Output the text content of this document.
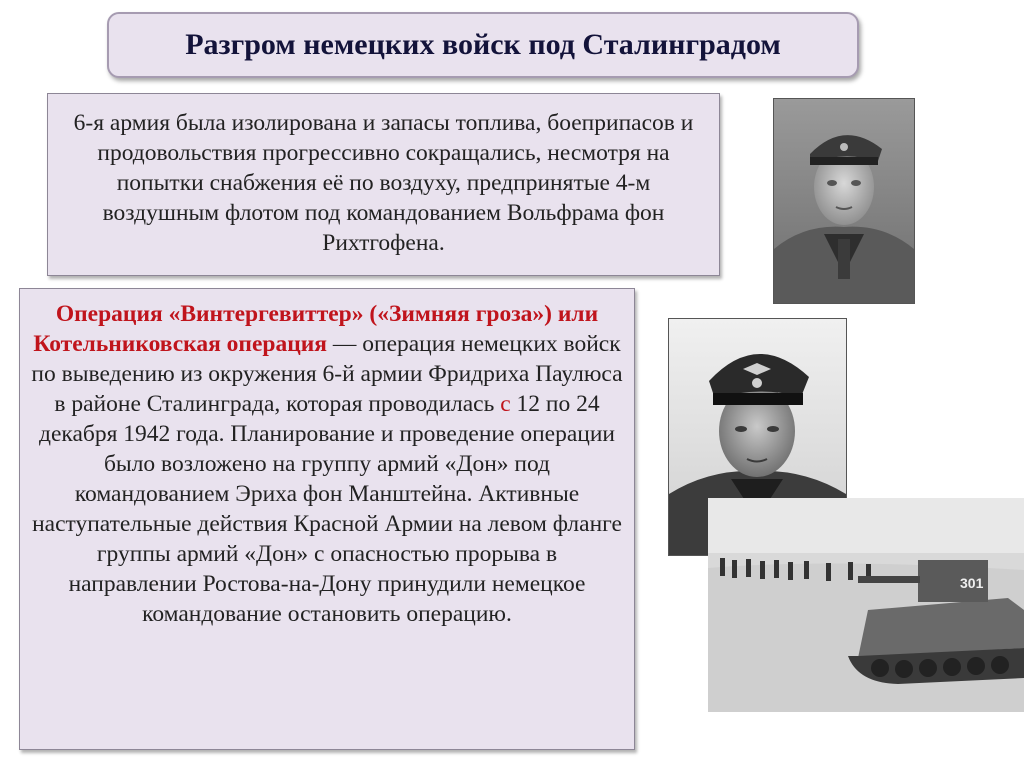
Разгром немецких войск под Сталинградом
6-я армия была изолирована и запасы топлива, боеприпасов и продовольствия прогрессивно сокращались, несмотря на попытки снабжения её по воздуху, предпринятые 4-м воздушным флотом под командованием Вольфрама фон Рихтгофена.
Операция «Винтергевиттер» («Зимняя гроза») или Котельниковская операция — операция немецких войск по выведению из окружения 6-й армии Фридриха Паулюса в районе Сталинграда, которая проводилась с 12 по 24 декабря 1942 года. Планирование и проведение операции было возложено на группу армий «Дон» под командованием Эриха фон Манштейна. Активные наступательные действия Красной Армии на левом фланге группы армий «Дон» с опасностью прорыва в направлении Ростова-на-Дону принудили немецкое командование остановить операцию.
301
